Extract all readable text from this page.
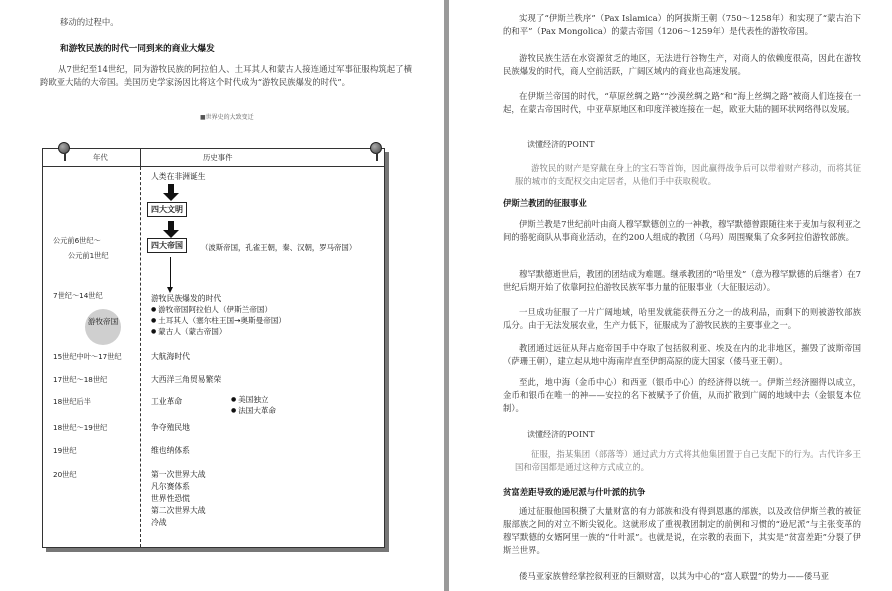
移动的过程中。
和游牧民族的时代一同到来的商业大爆发
从7世纪至14世纪，同为游牧民族的阿拉伯人、土耳其人和蒙古人接连通过军事征服构筑起了横跨欧亚大陆的大帝国。美国历史学家汤因比将这个时代成为“游牧民族爆发的时代”。
■世界史的大致变迁
年代	历史事件
人类在非洲诞生
四大文明
公元前6世纪～
公元前1世纪
四大帝国	（波斯帝国，孔雀王朝，秦、汉朝，罗马帝国）
7世纪～14世纪
游牧帝国
游牧民族爆发的时代
● 游牧帝国阿拉伯人（伊斯兰帝国）
● 土耳其人（塞尔柱王国→奥斯曼帝国）
● 蒙古人（蒙古帝国）
15世纪中叶～17世纪	大航海时代
17世纪～18世纪	大西洋三角贸易繁荣
18世纪后半	工业革命
●	美国独立
● 法国大革命
18世纪～19世纪	争夺殖民地
19世纪	维也纳体系
20世纪	第一次世界大战
凡尔赛体系
世界性恐慌
第二次世界大战
冷战
实现了“伊斯兰秩序”（Pax Islamica）的阿拔斯王朝（750～1258年）和实现了“蒙古治下的和平”（Pax Mongolica）的蒙古帝国（1206～1259年）是代表性的游牧帝国。
游牧民族生活在水资源贫乏的地区，无法进行谷物生产，对商人的依赖度很高，因此在游牧民族爆发的时代，商人空前活跃，广阔区域内的商业也高速发展。
在伊斯兰帝国的时代，“草原丝绸之路”“沙漠丝绸之路”和“海上丝绸之路”被商人们连接在一起，在蒙古帝国时代，中亚草原地区和印度洋被连接在一起，欧亚大陆的圆环状网络得以发展。
读懂经济的POINT
游牧民的财产是穿戴在身上的宝石等首饰，因此赢得战争后可以带着财产移动，而将其征服的城市的支配权交由定居者，从他们手中获取税收。
伊斯兰教团的征服事业
伊斯兰教是7世纪前叶由商人穆罕默德创立的一神教，穆罕默德曾跟随往来于麦加与叙利亚之间的骆驼商队从事商业活动，在约200人组成的教团（乌玛）周围聚集了众多阿拉伯游牧部族。
穆罕默德逝世后，教团的团结成为难题。继承教团的“哈里发”（意为穆罕默德的后继者）在7世纪后期开始了依靠阿拉伯游牧民族军事力量的征服事业（大征服运动）。
一旦成功征服了一片广阔地域，哈里发就能获得五分之一的战利品，而剩下的则被游牧部族瓜分。由于无法发展农业，生产力低下，征服成为了游牧民族的主要事业之一。
教团通过远征从拜占庭帝国手中夺取了包括叙利亚、埃及在内的北非地区，摧毁了波斯帝国（萨珊王朝），建立起从地中海南岸直至伊朗高原的庞大国家（倭马亚王朝）。
至此，地中海（金币中心）和西亚（银币中心）的经济得以统一。伊斯兰经济圈得以成立，金币和银币在唯一的神——安拉的名下被赋予了价值，从而扩散到广阔的地域中去（金银复本位制）。
读懂经济的POINT
征服，指某集团（部落等）通过武力方式将其他集团置于自己支配下的行为。古代许多王国和帝国都是通过这种方式成立的。
贫富差距导致的逊尼派与什叶派的抗争
通过征服他国积攒了大量财富的有力部族和没有得到恩惠的部族，以及改信伊斯兰教的被征服部族之间的对立不断尖锐化。这就形成了重视教团制定的前例和习惯的“逊尼派”与主张变革的穆罕默德的女婿阿里一族的“什叶派”。也就是说，在宗教的表面下，其实是“贫富差距”分裂了伊斯兰世界。
倭马亚家族曾经掌控叙利亚的巨额财富，以其为中心的“富人联盟”的势力——倭马亚
